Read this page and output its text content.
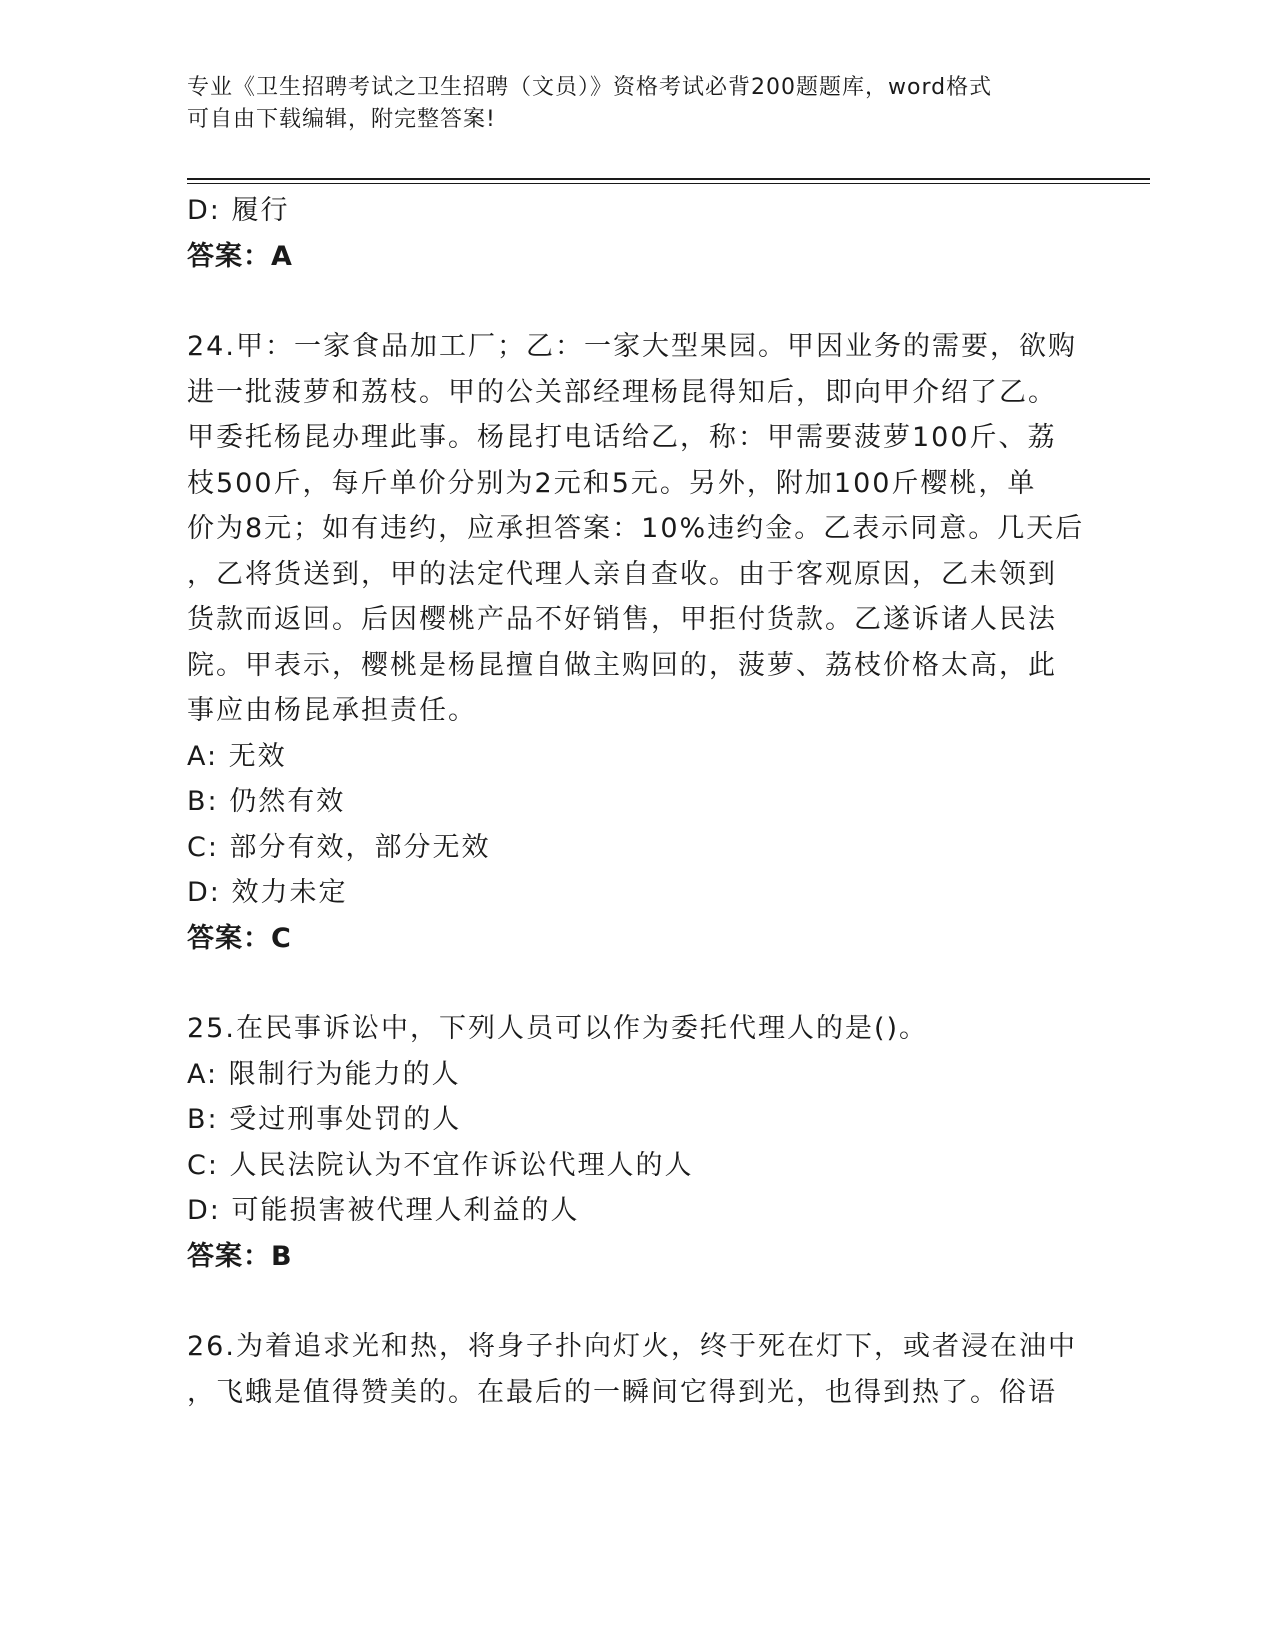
专业《卫生招聘考试之卫生招聘（文员）》资格考试必背200题题库，word格式
可自由下载编辑，附完整答案!
D: 履行
答案：A
24.甲：一家食品加工厂；乙：一家大型果园。甲因业务的需要，欲购
进一批菠萝和荔枝。甲的公关部经理杨昆得知后，即向甲介绍了乙。
甲委托杨昆办理此事。杨昆打电话给乙，称：甲需要菠萝100斤、荔
枝500斤，每斤单价分别为2元和5元。另外，附加100斤樱桃，单
价为8元；如有违约，应承担答案：10%违约金。乙表示同意。几天后
，乙将货送到，甲的法定代理人亲自查收。由于客观原因，乙未领到
货款而返回。后因樱桃产品不好销售，甲拒付货款。乙遂诉诸人民法
院。甲表示，樱桃是杨昆擅自做主购回的，菠萝、荔枝价格太高，此
事应由杨昆承担责任。
A: 无效
B: 仍然有效
C: 部分有效，部分无效
D: 效力未定
答案：C
25.在民事诉讼中，下列人员可以作为委托代理人的是()。
A: 限制行为能力的人
B: 受过刑事处罚的人
C: 人民法院认为不宜作诉讼代理人的人
D: 可能损害被代理人利益的人
答案：B
26.为着追求光和热，将身子扑向灯火，终于死在灯下，或者浸在油中
，飞蛾是值得赞美的。在最后的一瞬间它得到光，也得到热了。俗语
